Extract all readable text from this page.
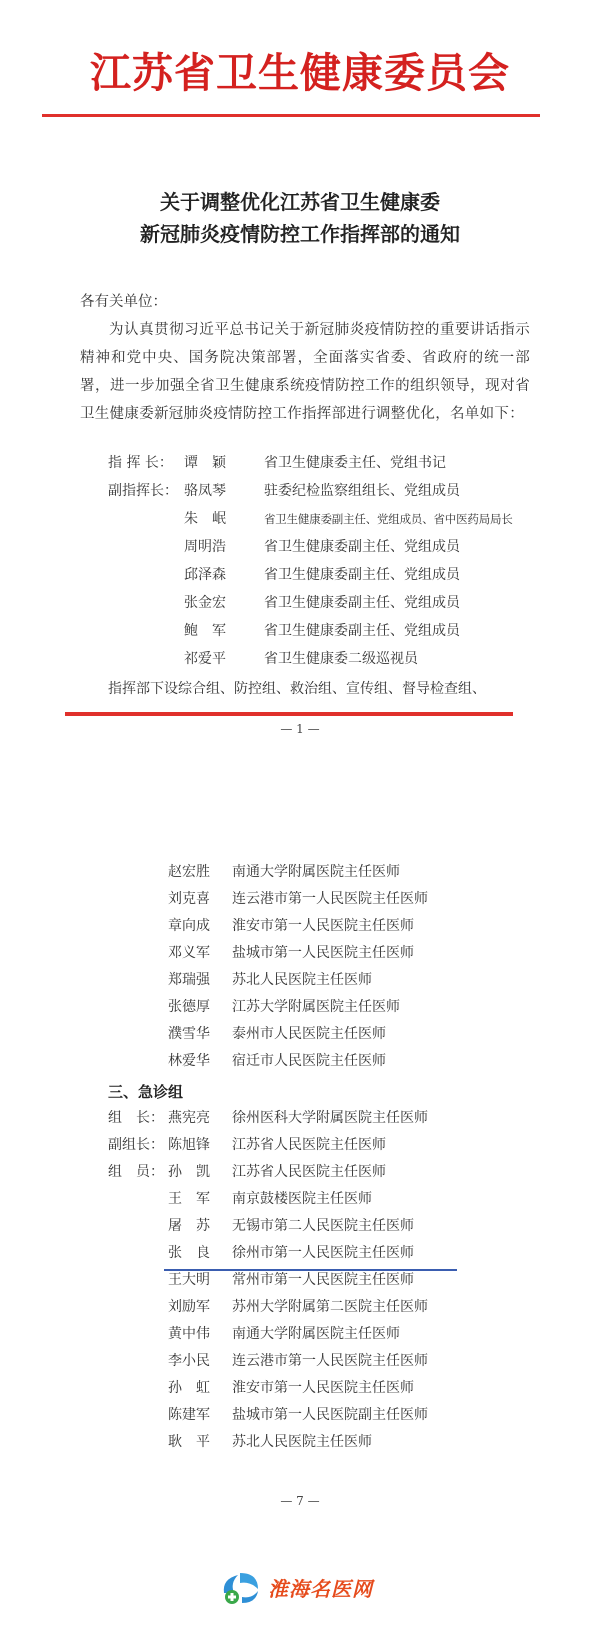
江苏省卫生健康委员会
关于调整优化江苏省卫生健康委
新冠肺炎疫情防控工作指挥部的通知
各有关单位：
为认真贯彻习近平总书记关于新冠肺炎疫情防控的重要讲话指示精神和党中央、国务院决策部署，全面落实省委、省政府的统一部署，进一步加强全省卫生健康系统疫情防控工作的组织领导，现对省卫生健康委新冠肺炎疫情防控工作指挥部进行调整优化，名单如下：
指 挥 长： 谭　颖	省卫生健康委主任、党组书记
副指挥长： 骆凤琴	驻委纪检监察组组长、党组成员
朱　岷	省卫生健康委副主任、党组成员、省中医药局局长
周明浩	省卫生健康委副主任、党组成员
邱泽森	省卫生健康委副主任、党组成员
张金宏	省卫生健康委副主任、党组成员
鲍　军	省卫生健康委副主任、党组成员
祁爱平	省卫生健康委二级巡视员
指挥部下设综合组、防控组、救治组、宣传组、督导检查组、
— 1 —
赵宏胜 南通大学附属医院主任医师
刘克喜 连云港市第一人民医院主任医师
章向成 淮安市第一人民医院主任医师
邓义军 盐城市第一人民医院主任医师
郑瑞强 苏北人民医院主任医师
张德厚 江苏大学附属医院主任医师
濮雪华 泰州市人民医院主任医师
林爱华 宿迁市人民医院主任医师
三、急诊组
组　长： 燕宪亮 徐州医科大学附属医院主任医师
副组长： 陈旭锋 江苏省人民医院主任医师
组　员： 孙　凯 江苏省人民医院主任医师
王　军 南京鼓楼医院主任医师
屠　苏 无锡市第二人民医院主任医师
张　良 徐州市第一人民医院主任医师
王大明 常州市第一人民医院主任医师
刘励军 苏州大学附属第二医院主任医师
黄中伟 南通大学附属医院主任医师
李小民 连云港市第一人民医院主任医师
孙　虹 淮安市第一人民医院主任医师
陈建军 盐城市第一人民医院副主任医师
耿　平 苏北人民医院主任医师
— 7 —
淮海名医网
